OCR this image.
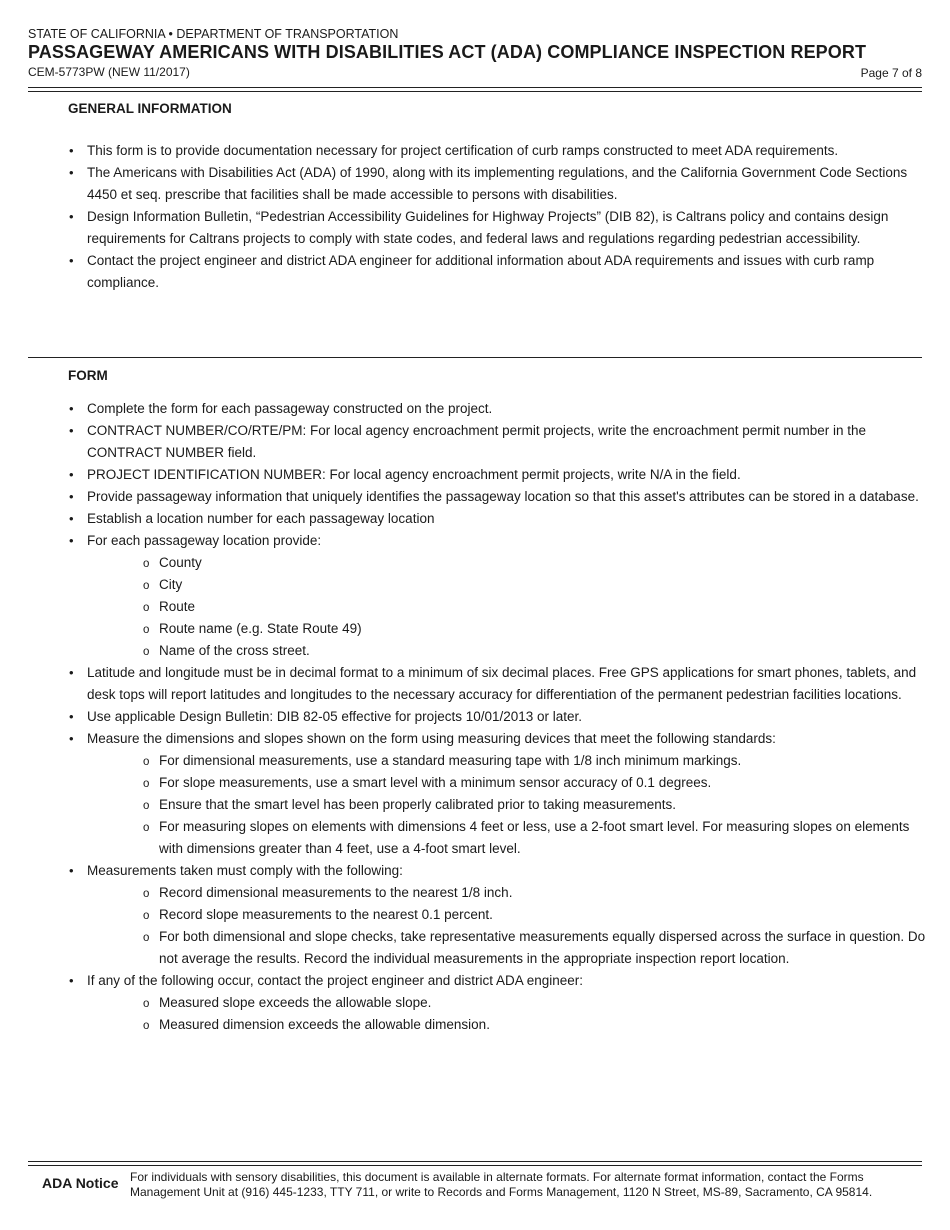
STATE OF CALIFORNIA • DEPARTMENT OF TRANSPORTATION
PASSAGEWAY AMERICANS WITH DISABILITIES ACT (ADA) COMPLIANCE INSPECTION REPORT
CEM-5773PW (NEW 11/2017)	Page 7 of 8
GENERAL INFORMATION
• This form is to provide documentation necessary for project certification of curb ramps constructed to meet ADA requirements.
• The Americans with Disabilities Act (ADA) of 1990, along with its implementing regulations, and the California Government Code Sections 4450 et seq. prescribe that facilities shall be made accessible to persons with disabilities.
• Design Information Bulletin, “Pedestrian Accessibility Guidelines for Highway Projects” (DIB 82), is Caltrans policy and contains design requirements for Caltrans projects to comply with state codes, and federal laws and regulations regarding pedestrian accessibility.
• Contact the project engineer and district ADA engineer for additional information about ADA requirements and issues with curb ramp compliance.
FORM
• Complete the form for each passageway constructed on the project.
• CONTRACT NUMBER/CO/RTE/PM: For local agency encroachment permit projects, write the encroachment permit number in the CONTRACT NUMBER field.
• PROJECT IDENTIFICATION NUMBER: For local agency encroachment permit projects, write N/A in the field.
• Provide passageway information that uniquely identifies the passageway location so that this asset's attributes can be stored in a database.
• Establish a location number for each passageway location
• For each passageway location provide:
o County
o City
o Route
o Route name (e.g. State Route 49)
o Name of the cross street.
• Latitude and longitude must be in decimal format to a minimum of six decimal places. Free GPS applications for smart phones, tablets, and desk tops will report latitudes and longitudes to the necessary accuracy for differentiation of the permanent pedestrian facilities locations.
• Use applicable Design Bulletin: DIB 82-05 effective for projects 10/01/2013 or later.
• Measure the dimensions and slopes shown on the form using measuring devices that meet the following standards:
o For dimensional measurements, use a standard measuring tape with 1/8 inch minimum markings.
o For slope measurements, use a smart level with a minimum sensor accuracy of 0.1 degrees.
o Ensure that the smart level has been properly calibrated prior to taking measurements.
o For measuring slopes on elements with dimensions 4 feet or less, use a 2-foot smart level. For measuring slopes on elements with dimensions greater than 4 feet, use a 4-foot smart level.
• Measurements taken must comply with the following:
o Record dimensional measurements to the nearest 1/8 inch.
o Record slope measurements to the nearest 0.1 percent.
o For both dimensional and slope checks, take representative measurements equally dispersed across the surface in question. Do not average the results. Record the individual measurements in the appropriate inspection report location.
• If any of the following occur, contact the project engineer and district ADA engineer:
o Measured slope exceeds the allowable slope.
o Measured dimension exceeds the allowable dimension.
ADA Notice For individuals with sensory disabilities, this document is available in alternate formats. For alternate format information, contact the Forms Management Unit at (916) 445-1233, TTY 711, or write to Records and Forms Management, 1120 N Street, MS-89, Sacramento, CA 95814.
